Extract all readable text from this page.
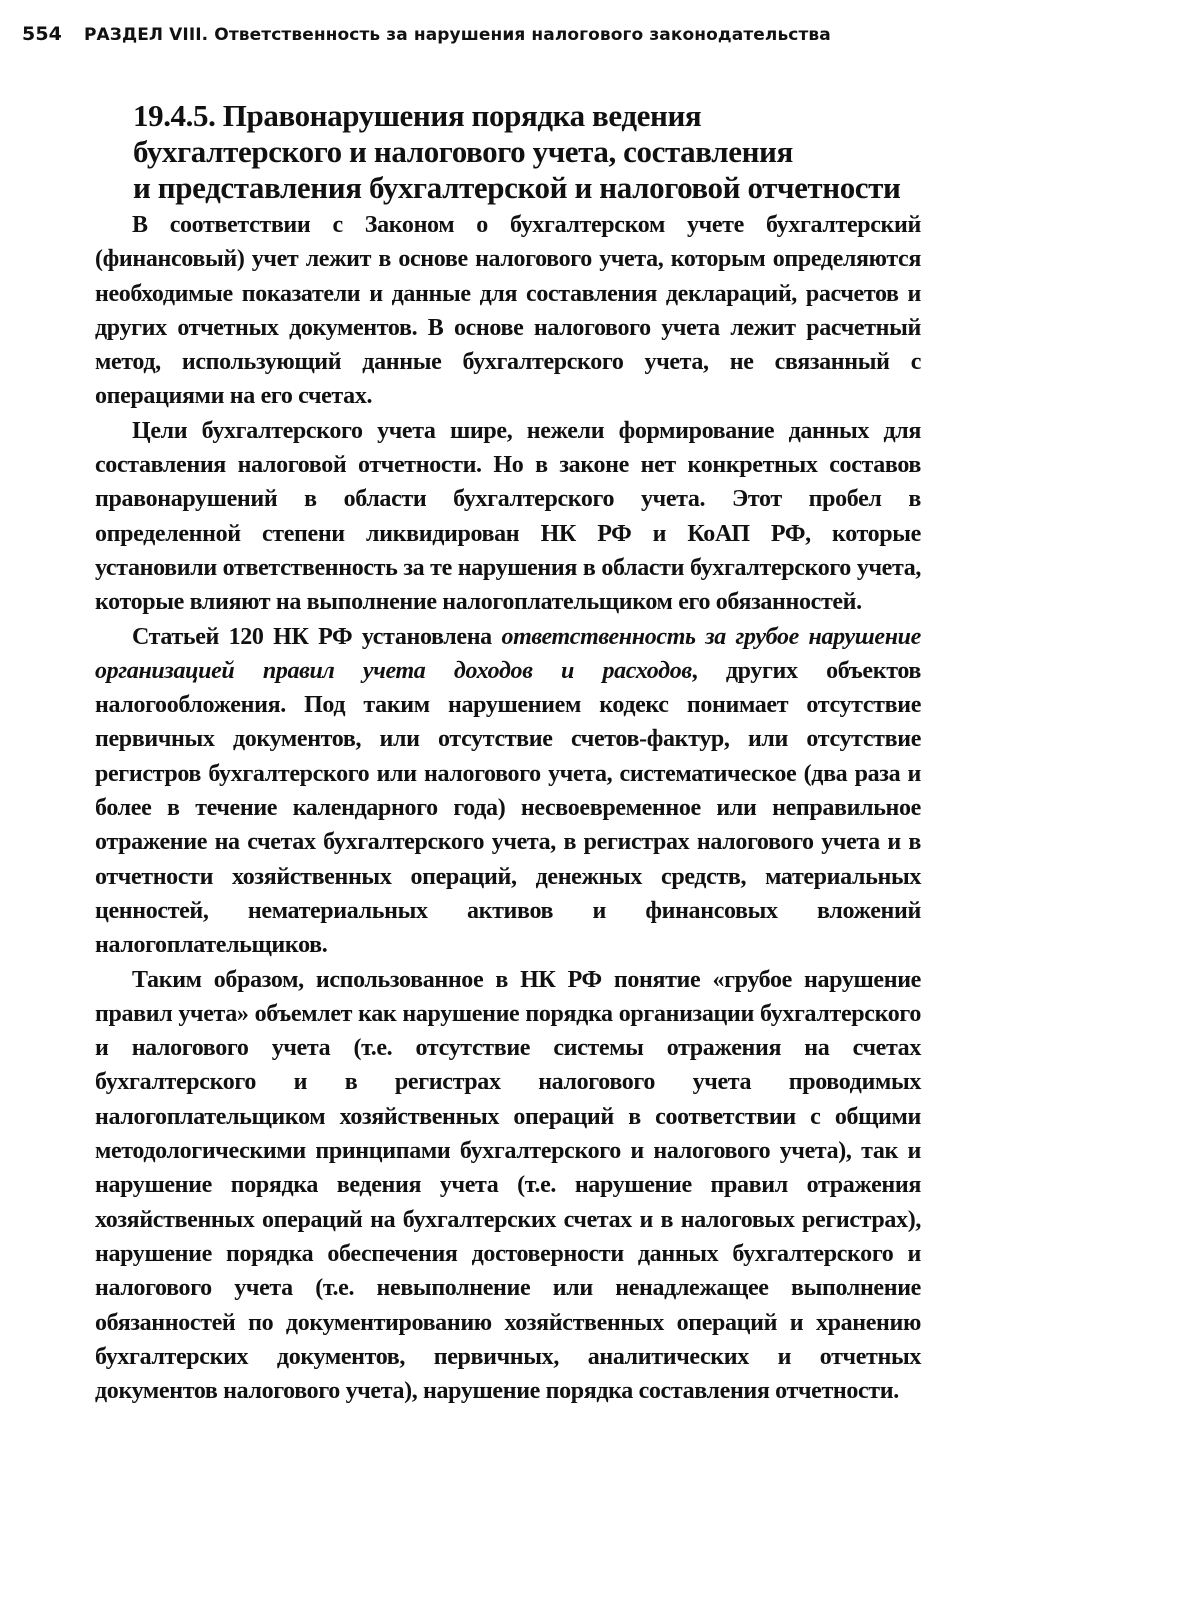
554 РАЗДЕЛ VIII. Ответственность за нарушения налогового законодательства
19.4.5. Правонарушения порядка ведения
бухгалтерского и налогового учета, составления
и представления бухгалтерской и налоговой отчетности

В соответствии с Законом о бухгалтерском учете бухгалтерский (финансовый) учет лежит в основе налогового учета, которым определяются необходимые показатели и данные для составления деклараций, расчетов и других отчетных документов. В основе налогового учета лежит расчетный метод, использующий данные бухгалтерского учета, не связанный с операциями на его счетах.

Цели бухгалтерского учета шире, нежели формирование данных для составления налоговой отчетности. Но в законе нет конкретных составов правонарушений в области бухгалтерского учета. Этот пробел в определенной степени ликвидирован НК РФ и КоАП РФ, которые установили ответственность за те нарушения в области бухгалтерского учета, которые влияют на выполнение налогоплательщиком его обязанностей.

Статьей 120 НК РФ установлена ответственность за грубое нарушение организацией правил учета доходов и расходов, других объектов налогообложения. Под таким нарушением кодекс понимает отсутствие первичных документов, или отсутствие счетов-фактур, или отсутствие регистров бухгалтерского или налогового учета, систематическое (два раза и более в течение календарного года) несвоевременное или неправильное отражение на счетах бухгалтерского учета, в регистрах налогового учета и в отчетности хозяйственных операций, денежных средств, материальных ценностей, нематериальных активов и финансовых вложений налогоплательщиков.

Таким образом, использованное в НК РФ понятие «грубое нарушение правил учета» объемлет как нарушение порядка организации бухгалтерского и налогового учета (т.е. отсутствие системы отражения на счетах бухгалтерского и в регистрах налогового учета проводимых налогоплательщиком хозяйственных операций в соответствии с общими методологическими принципами бухгалтерского и налогового учета), так и нарушение порядка ведения учета (т.е. нарушение правил отражения хозяйственных операций на бухгалтерских счетах и в налоговых регистрах), нарушение порядка обеспечения достоверности данных бухгалтерского и налогового учета (т.е. невыполнение или ненадлежащее выполнение обязанностей по документированию хозяйственных операций и хранению бухгалтерских документов, первичных, аналитических и отчетных документов налогового учета), нарушение порядка составления отчетности.
